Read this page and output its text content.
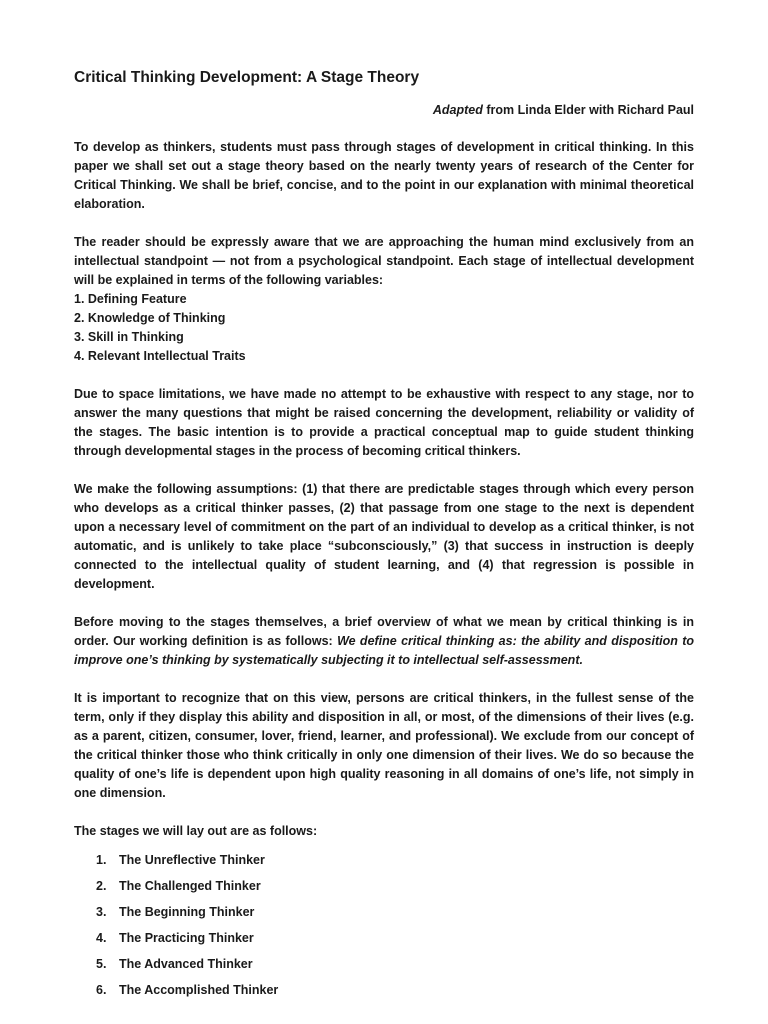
Critical Thinking Development: A Stage Theory
Adapted from Linda Elder with Richard Paul

To develop as thinkers, students must pass through stages of development in critical thinking. In this paper we shall set out a stage theory based on the nearly twenty years of research of the Center for Critical Thinking. We shall be brief, concise, and to the point in our explanation with minimal theoretical elaboration.

The reader should be expressly aware that we are approaching the human mind exclusively from an intellectual standpoint — not from a psychological standpoint. Each stage of intellectual development will be explained in terms of the following variables:

1. Defining Feature
2. Knowledge of Thinking
3. Skill in Thinking
4. Relevant Intellectual Traits

Due to space limitations, we have made no attempt to be exhaustive with respect to any stage, nor to answer the many questions that might be raised concerning the development, reliability or validity of the stages. The basic intention is to provide a practical conceptual map to guide student thinking through developmental stages in the process of becoming critical thinkers.

We make the following assumptions: (1) that there are predictable stages through which every person who develops as a critical thinker passes, (2) that passage from one stage to the next is dependent upon a necessary level of commitment on the part of an individual to develop as a critical thinker, is not automatic, and is unlikely to take place “subconsciously,” (3) that success in instruction is deeply connected to the intellectual quality of student learning, and (4) that regression is possible in development.

Before moving to the stages themselves, a brief overview of what we mean by critical thinking is in order. Our working definition is as follows: We define critical thinking as: the ability and disposition to improve one’s thinking by systematically subjecting it to intellectual self-assessment.

It is important to recognize that on this view, persons are critical thinkers, in the fullest sense of the term, only if they display this ability and disposition in all, or most, of the dimensions of their lives (e.g. as a parent, citizen, consumer, lover, friend, learner, and professional). We exclude from our concept of the critical thinker those who think critically in only one dimension of their lives. We do so because the quality of one’s life is dependent upon high quality reasoning in all domains of one’s life, not simply in one dimension.

The stages we will lay out are as follows:

1.	The Unreflective Thinker
2.	The Challenged Thinker
3.	The Beginning Thinker
4.	The Practicing Thinker
5.	The Advanced Thinker
6.	The Accomplished Thinker
